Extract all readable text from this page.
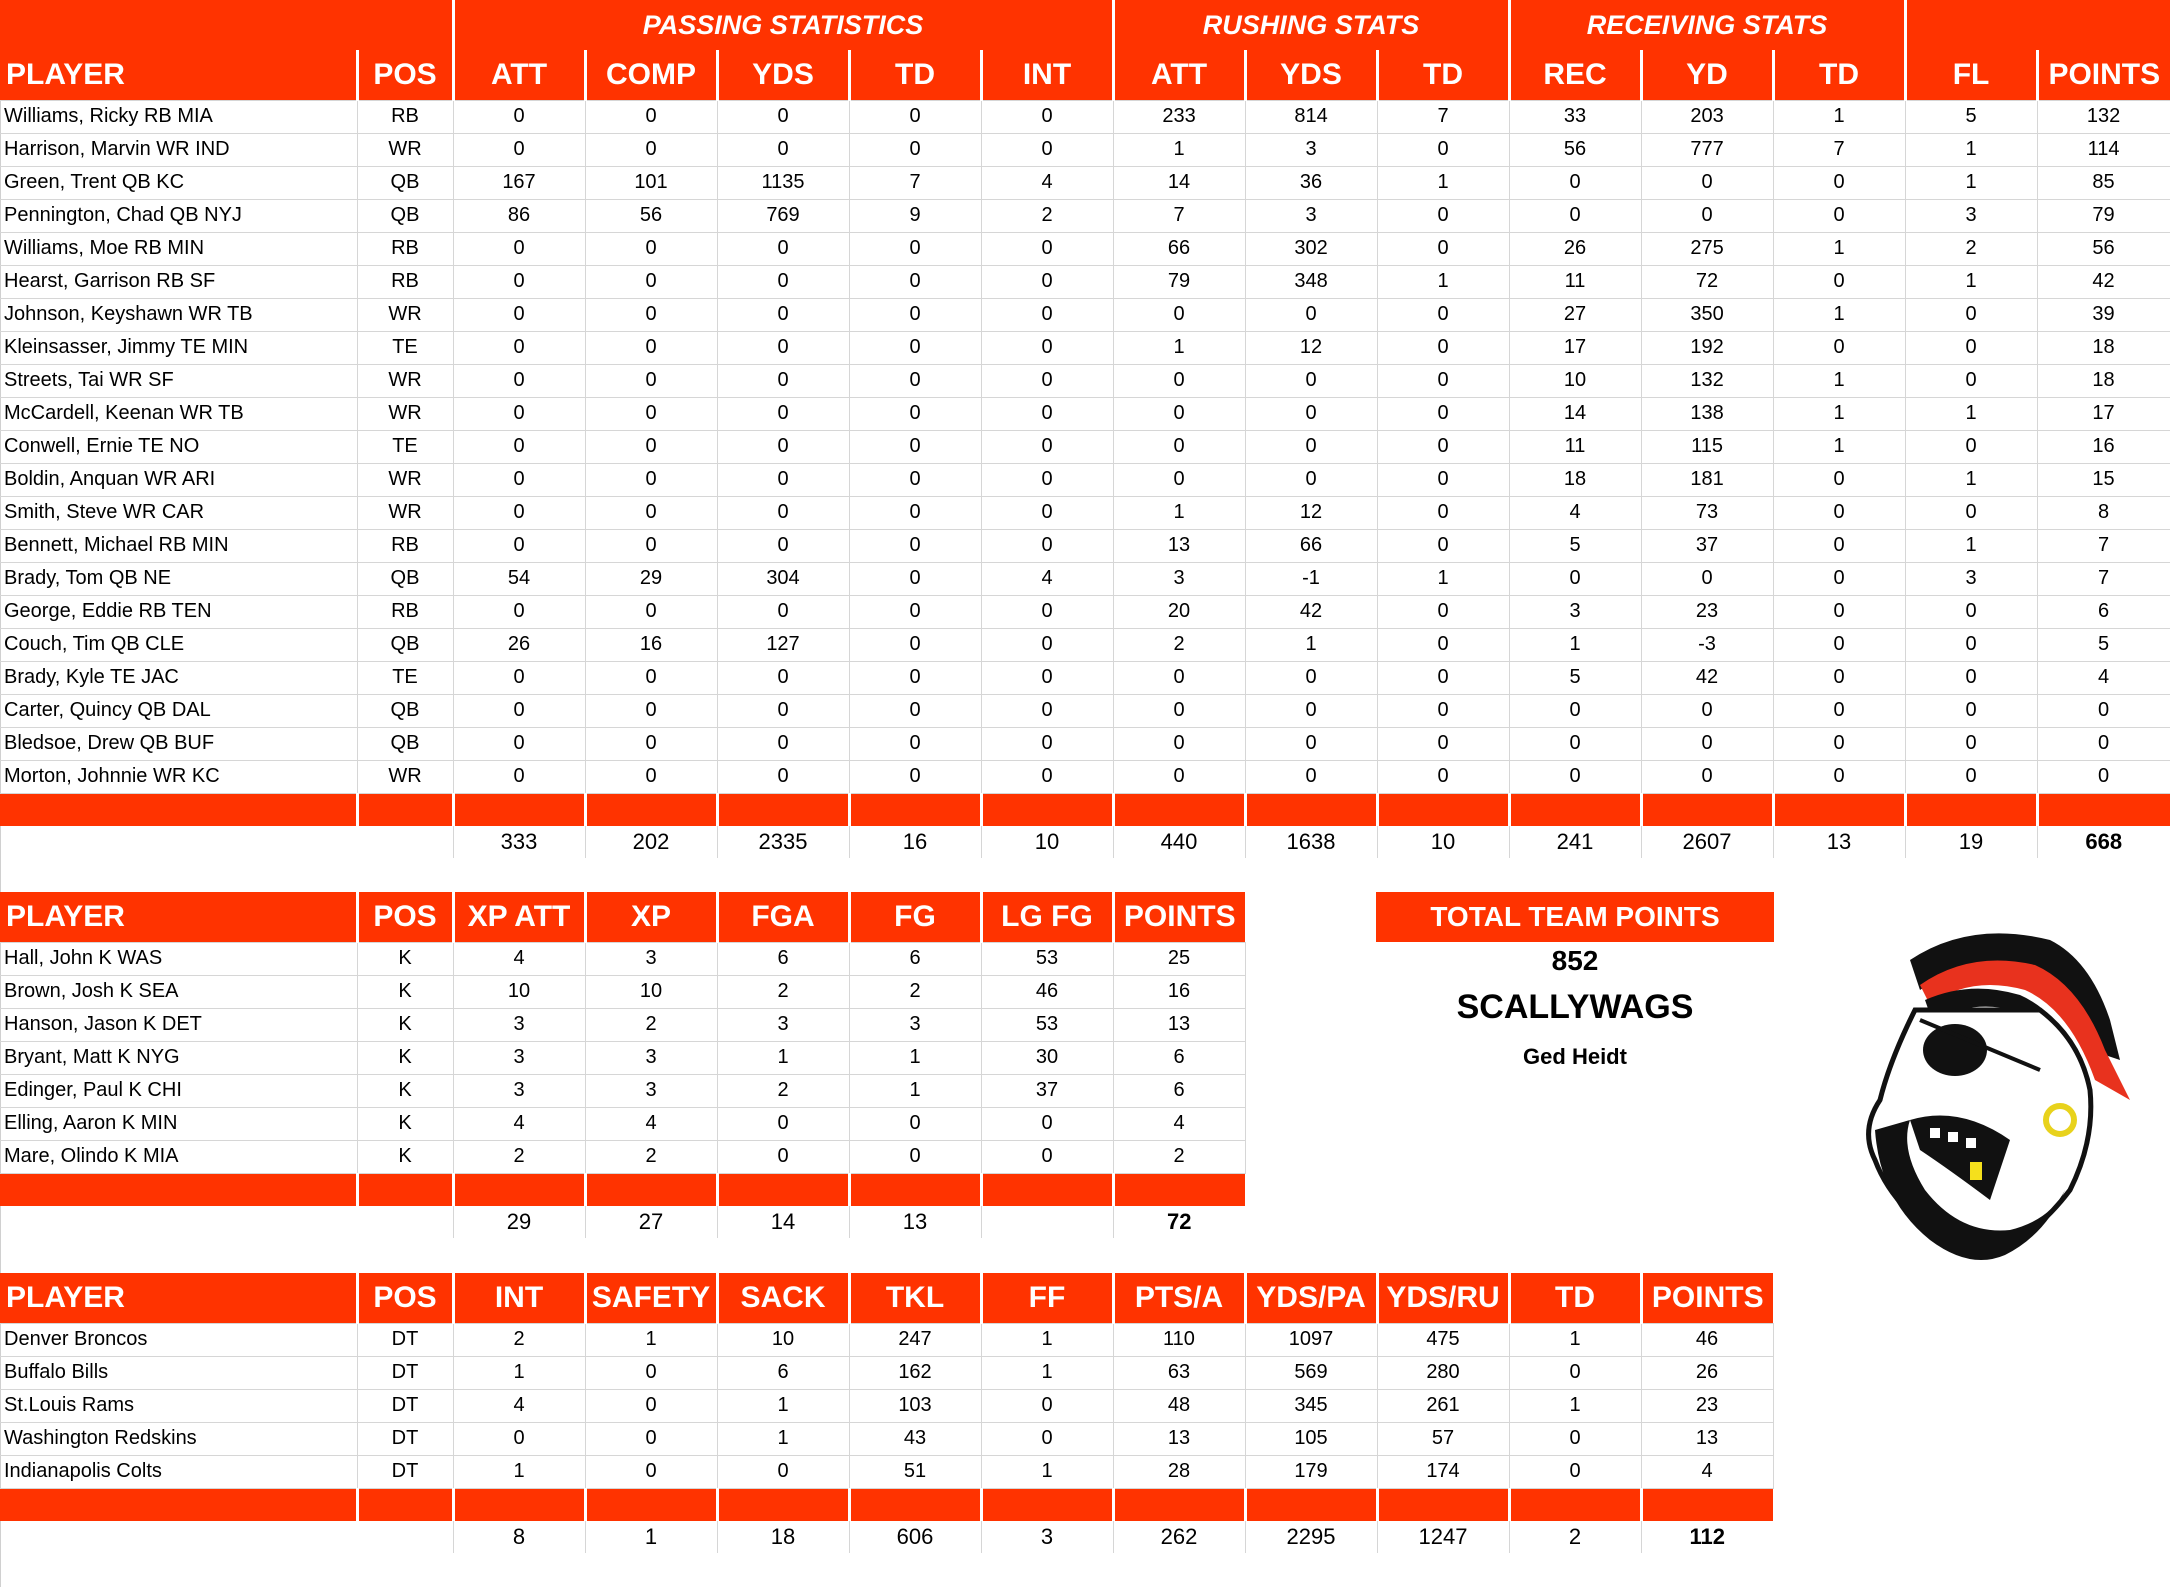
		PASSING STATISTICS					RUSHING STATS			RECEIVING STATS				
PLAYER	POS	ATT	COMP	YDS	TD	INT	ATT	YDS	TD	REC	YD	TD	FL	POINTS
Williams, Ricky RB MIA	RB	0	0	0	0	0	233	814	7	33	203	1	5	132
Harrison, Marvin WR IND	WR	0	0	0	0	0	1	3	0	56	777	7	1	114
Green, Trent QB KC	QB	167	101	1135	7	4	14	36	1	0	0	0	1	85
Pennington, Chad QB NYJ	QB	86	56	769	9	2	7	3	0	0	0	0	3	79
Williams, Moe RB MIN	RB	0	0	0	0	0	66	302	0	26	275	1	2	56
Hearst, Garrison RB SF	RB	0	0	0	0	0	79	348	1	11	72	0	1	42
Johnson, Keyshawn WR TB	WR	0	0	0	0	0	0	0	0	27	350	1	0	39
Kleinsasser, Jimmy TE MIN	TE	0	0	0	0	0	1	12	0	17	192	0	0	18
Streets, Tai WR SF	WR	0	0	0	0	0	0	0	0	10	132	1	0	18
McCardell, Keenan WR TB	WR	0	0	0	0	0	0	0	0	14	138	1	1	17
Conwell, Ernie TE NO	TE	0	0	0	0	0	0	0	0	11	115	1	0	16
Boldin, Anquan WR ARI	WR	0	0	0	0	0	0	0	0	18	181	0	1	15
Smith, Steve WR CAR	WR	0	0	0	0	0	1	12	0	4	73	0	0	8
Bennett, Michael RB MIN	RB	0	0	0	0	0	13	66	0	5	37	0	1	7
Brady, Tom QB NE	QB	54	29	304	0	4	3	-1	1	0	0	0	3	7
George, Eddie RB TEN	RB	0	0	0	0	0	20	42	0	3	23	0	0	6
Couch, Tim QB CLE	QB	26	16	127	0	0	2	1	0	1	-3	0	0	5
Brady, Kyle TE JAC	TE	0	0	0	0	0	0	0	0	5	42	0	0	4
Carter, Quincy QB DAL	QB	0	0	0	0	0	0	0	0	0	0	0	0	0
Bledsoe, Drew QB BUF	QB	0	0	0	0	0	0	0	0	0	0	0	0	0
Morton, Johnnie WR KC	WR	0	0	0	0	0	0	0	0	0	0	0	0	0

		333	202	2335	16	10	440	1638	10	241	2607	13	19	668
PLAYER	POS	XP ATT	XP	FGA	FG	LG FG	POINTS
Hall, John K WAS	K	4	3	6	6	53	25
Brown, Josh K SEA	K	10	10	2	2	46	16
Hanson, Jason K DET	K	3	2	3	3	53	13
Bryant, Matt K NYG	K	3	3	1	1	30	6
Edinger, Paul K CHI	K	3	3	2	1	37	6
Elling, Aaron K MIN	K	4	4	0	0	0	4
Mare, Olindo K MIA	K	2	2	0	0	0	2

		29	27	14	13		72
TOTAL TEAM POINTS
852
SCALLYWAGS
Ged Heidt
PLAYER	POS	INT	SAFETY	SACK	TKL	FF	PTS/A	YDS/PA	YDS/RU	TD	POINTS
Denver Broncos	DT	2	1	10	247	1	110	1097	475	1	46
Buffalo Bills	DT	1	0	6	162	1	63	569	280	0	26
St.Louis Rams	DT	4	0	1	103	0	48	345	261	1	23
Washington Redskins	DT	0	0	1	43	0	13	105	57	0	13
Indianapolis Colts	DT	1	0	0	51	1	28	179	174	0	4

		8	1	18	606	3	262	2295	1247	2	112
